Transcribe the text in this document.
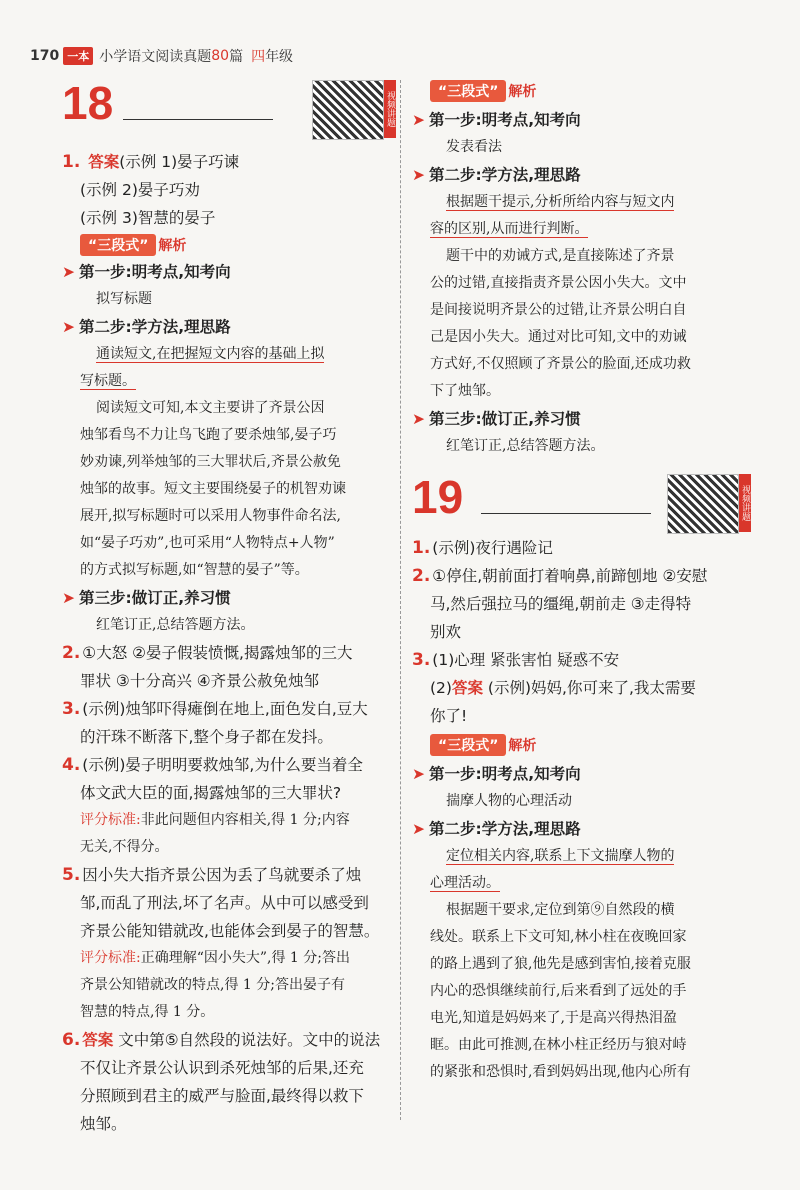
170 一本 小学语文阅读真题 80 篇 四 年级
18	视频讲题
1. 答案(示例 1)晏子巧谏
(示例 2)晏子巧劝
(示例 3)智慧的晏子
“三段式” 解析
➤ 第一步:明考点,知考向
拟写标题
➤ 第二步:学方法,理思路
通读短文,在把握短文内容的基础上拟
写标题。
阅读短文可知,本文主要讲了齐景公因
烛邹看鸟不力让鸟飞跑了要杀烛邹,晏子巧
妙劝谏,列举烛邹的三大罪状后,齐景公赦免
烛邹的故事。短文主要围绕晏子的机智劝谏
展开,拟写标题时可以采用人物事件命名法,
如“晏子巧劝”,也可采用“人物特点+人物”
的方式拟写标题,如“智慧的晏子”等。
➤ 第三步:做订正,养习惯
红笔订正,总结答题方法。
2. ①大怒 ②晏子假装愤慨,揭露烛邹的三大
罪状 ③十分高兴 ④齐景公赦免烛邹
3. (示例)烛邹吓得瘫倒在地上,面色发白,豆大
的汗珠不断落下,整个身子都在发抖。
4. (示例)晏子明明要救烛邹,为什么要当着全
体文武大臣的面,揭露烛邹的三大罪状?
评分标准:非此问题但内容相关,得 1 分;内容
无关,不得分。
5. 因小失大指齐景公因为丢了鸟就要杀了烛
邹,而乱了刑法,坏了名声。从中可以感受到
齐景公能知错就改,也能体会到晏子的智慧。
评分标准:正确理解“因小失大”,得 1 分;答出
齐景公知错就改的特点,得 1 分;答出晏子有
智慧的特点,得 1 分。
6. 答案 文中第⑤自然段的说法好。文中的说法
不仅让齐景公认识到杀死烛邹的后果,还充
分照顾到君主的威严与脸面,最终得以救下
烛邹。
“三段式” 解析
➤ 第一步:明考点,知考向
发表看法
➤ 第二步:学方法,理思路
根据题干提示,分析所给内容与短文内
容的区别,从而进行判断。
题干中的劝诫方式,是直接陈述了齐景
公的过错,直接指责齐景公因小失大。文中
是间接说明齐景公的过错,让齐景公明白自
己是因小失大。通过对比可知,文中的劝诫
方式好,不仅照顾了齐景公的脸面,还成功救
下了烛邹。
➤ 第三步:做订正,养习惯
红笔订正,总结答题方法。
19	视频讲题
1. (示例)夜行遇险记
2. ①停住,朝前面打着响鼻,前蹄刨地 ②安慰
马,然后强拉马的缰绳,朝前走 ③走得特
别欢
3. (1)心理 紧张害怕 疑惑不安
(2)答案 (示例)妈妈,你可来了,我太需要
你了!
“三段式” 解析
➤ 第一步:明考点,知考向
揣摩人物的心理活动
➤ 第二步:学方法,理思路
定位相关内容,联系上下文揣摩人物的
心理活动。
根据题干要求,定位到第⑨自然段的横
线处。联系上下文可知,林小柱在夜晚回家
的路上遇到了狼,他先是感到害怕,接着克服
内心的恐惧继续前行,后来看到了远处的手
电光,知道是妈妈来了,于是高兴得热泪盈
眶。由此可推测,在林小柱正经历与狼对峙
的紧张和恐惧时,看到妈妈出现,他内心所有
